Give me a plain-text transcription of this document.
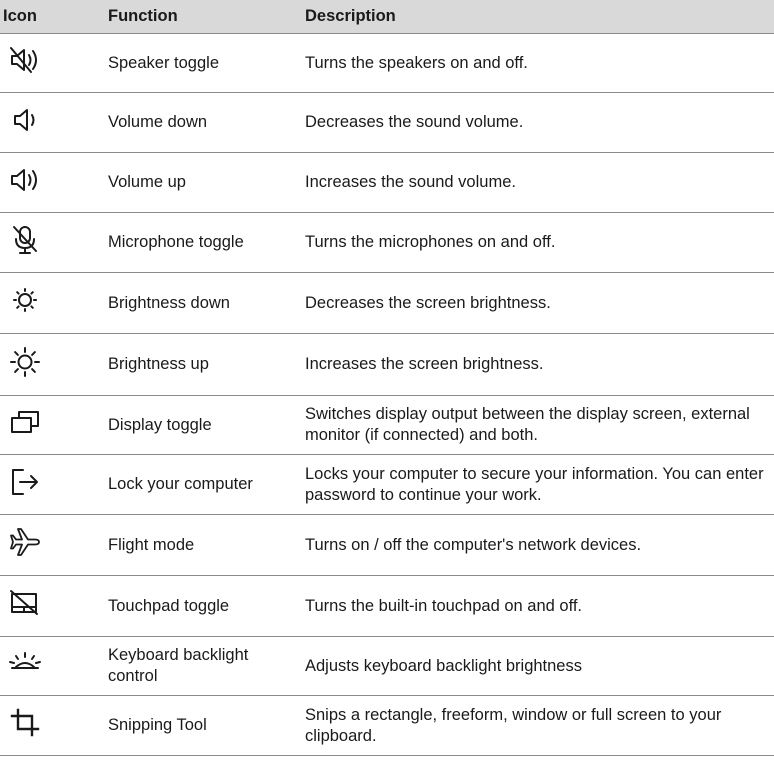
Icon	Function	Description

	Speaker toggle	Turns the speakers on and off.

	Volume down	Decreases the sound volume.

	Volume up	Increases the sound volume.

	Microphone toggle	Turns the microphones on and off.

	Brightness down	Decreases the screen brightness.

	Brightness up	Increases the screen brightness.

	Display toggle	Switches display output between the display screen, external monitor (if connected) and both.

	Lock your computer	Locks your computer to secure your information. You can enter password to continue your work.

	Flight mode	Turns on / off the computer's network devices.

	Touchpad toggle	Turns the built-in touchpad on and off.

	Keyboard backlight control	Adjusts keyboard backlight brightness

	Snipping Tool	Snips a rectangle, freeform, window or full screen to your clipboard.
